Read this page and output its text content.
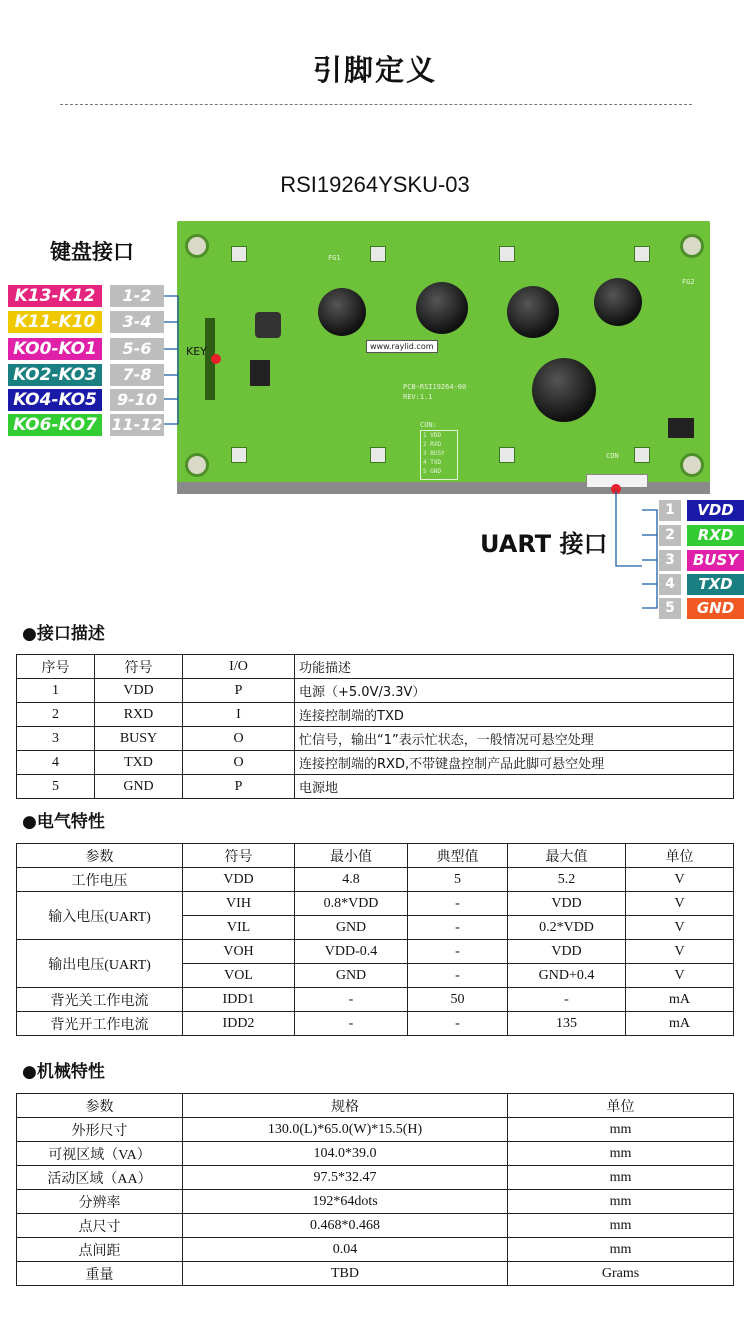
引脚定义
RSI19264YSKU-03
键盘接口
www.raylid.com
PCB-RSI19264-00
REV:1.1
FG1
FG2
CON:
1 VDD
2 RXD
3 BUSY
4 TXD
5 GND
CON
KEY
K13-K12	1-2
K11-K10	3-4
KO0-KO1	5-6
KO2-KO3	7-8
KO4-KO5	9-10
KO6-KO7 11-12
UART 接口
1	VDD
2	RXD
3	BUSY
4	TXD
5	GND
●接口描述
序号	符号	I/O	功能描述
1	VDD	P	电源（+5.0V/3.3V）
2	RXD	I	连接控制端的TXD
3	BUSY	O	忙信号，输出“1”表示忙状态，一般情况可悬空处理
4	TXD	O	连接控制端的RXD,不带键盘控制产品此脚可悬空处理
5	GND	P	电源地
●电气特性
参数	符号	最小值	典型值	最大值	单位
工作电压	VDD	4.8	5	5.2	V
输入电压(UART)	VIH	0.8*VDD	-	VDD	V
	VIL	GND	-	0.2*VDD	V
输出电压(UART)	VOH	VDD-0.4	-	VDD	V
	VOL	GND	-	GND+0.4	V
背光关工作电流	IDD1	-	50	-	mA
背光开工作电流	IDD2	-	-	135	mA
●机械特性
参数	规格	单位
外形尺寸	130.0(L)*65.0(W)*15.5(H)	mm
可视区域（VA）	104.0*39.0	mm
活动区域（AA）	97.5*32.47	mm
分辨率	192*64dots	mm
点尺寸	0.468*0.468	mm
点间距	0.04	mm
重量	TBD	Grams
